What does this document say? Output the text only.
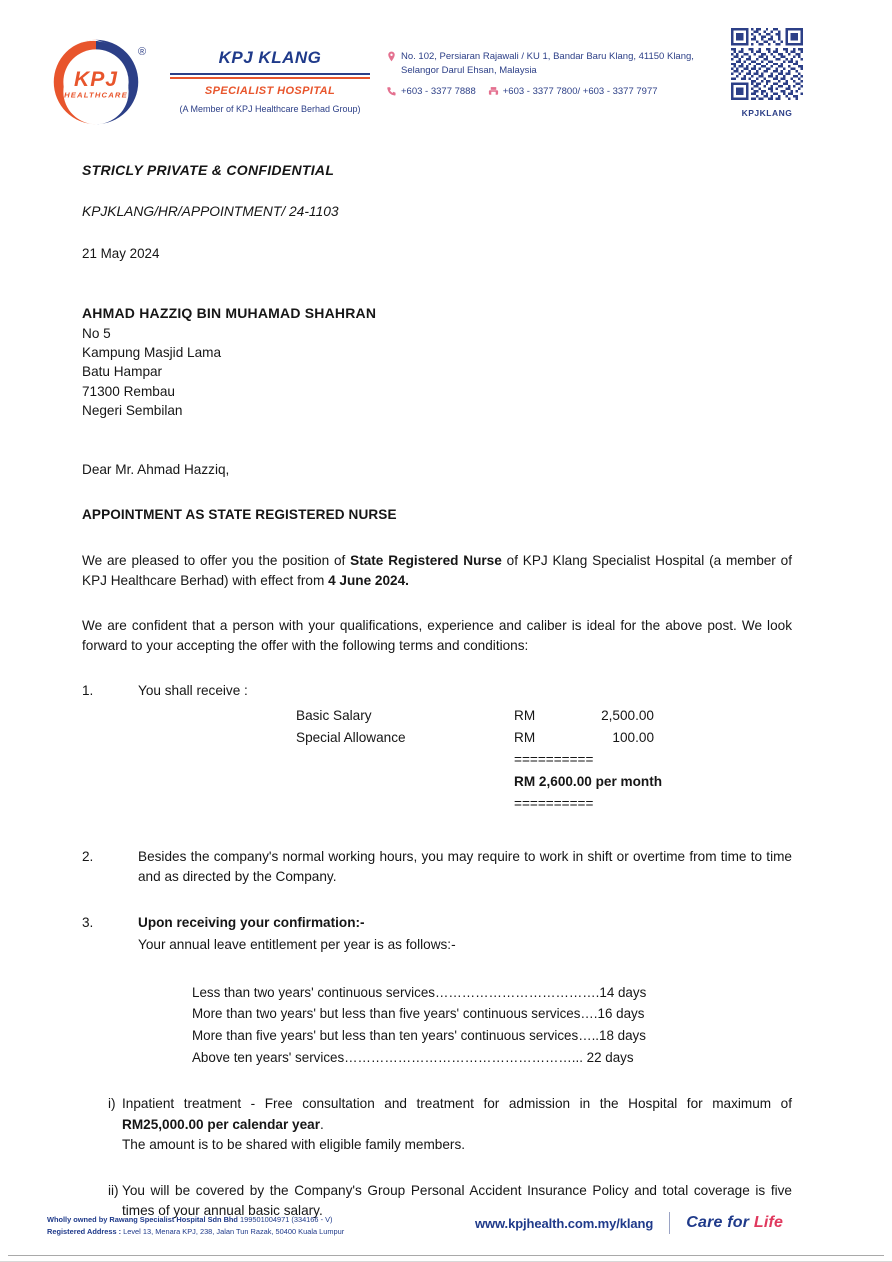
KPJ
HEALTHCARE
®	KPJ KLANG
SPECIALIST HOSPITAL
(A Member of KPJ Healthcare Berhad Group)
No. 102, Persiaran Rajawali / KU 1, Bandar Baru Klang, 41150 Klang,
Selangor Darul Ehsan, Malaysia
+603 - 3377 7888	+603 - 3377 7800/ +603 - 3377 7977
KPJKLANG
STRICLY PRIVATE & CONFIDENTIAL
KPJKLANG/HR/APPOINTMENT/ 24-1103
21 May 2024
AHMAD HAZZIQ BIN MUHAMAD SHAHRAN
No 5
Kampung Masjid Lama
Batu Hampar
71300 Rembau
Negeri Sembilan
Dear Mr. Ahmad Hazziq,
APPOINTMENT AS STATE REGISTERED NURSE
We are pleased to offer you the position of State Registered Nurse of KPJ Klang Specialist Hospital (a member of KPJ Healthcare Berhad) with effect from 4 June 2024.
We are confident that a person with your qualifications, experience and caliber is ideal for the above post. We look forward to your accepting the offer with the following terms and conditions:
1.	You shall receive :
Basic Salary	RM	2,500.00
Special Allowance	RM	100.00
==========
RM 2,600.00 per month
==========
2.	Besides the company's normal working hours, you may require to work in shift or overtime from time to time and as directed by the Company.
3.	Upon receiving your confirmation:-
Your annual leave entitlement per year is as follows:-
Less than two years' continuous services……………………………….14 days
More than two years' but less than five years' continuous services….16 days
More than five years' but less than ten years' continuous services…..18 days
Above ten years' services……………………………………………... 22 days
i) Inpatient treatment - Free consultation and treatment for admission in the Hospital for maximum of RM25,000.00 per calendar year.
The amount is to be shared with eligible family members.
ii) You will be covered by the Company's Group Personal Accident Insurance Policy and total coverage is five times of your annual basic salary.
Wholly owned by Rawang Specialist Hospital Sdn Bhd 199501004971 (334166 - V)
Registered Address : Level 13, Menara KPJ, 238, Jalan Tun Razak, 50400 Kuala Lumpur
www.kpjhealth.com.my/klang Care for Life
